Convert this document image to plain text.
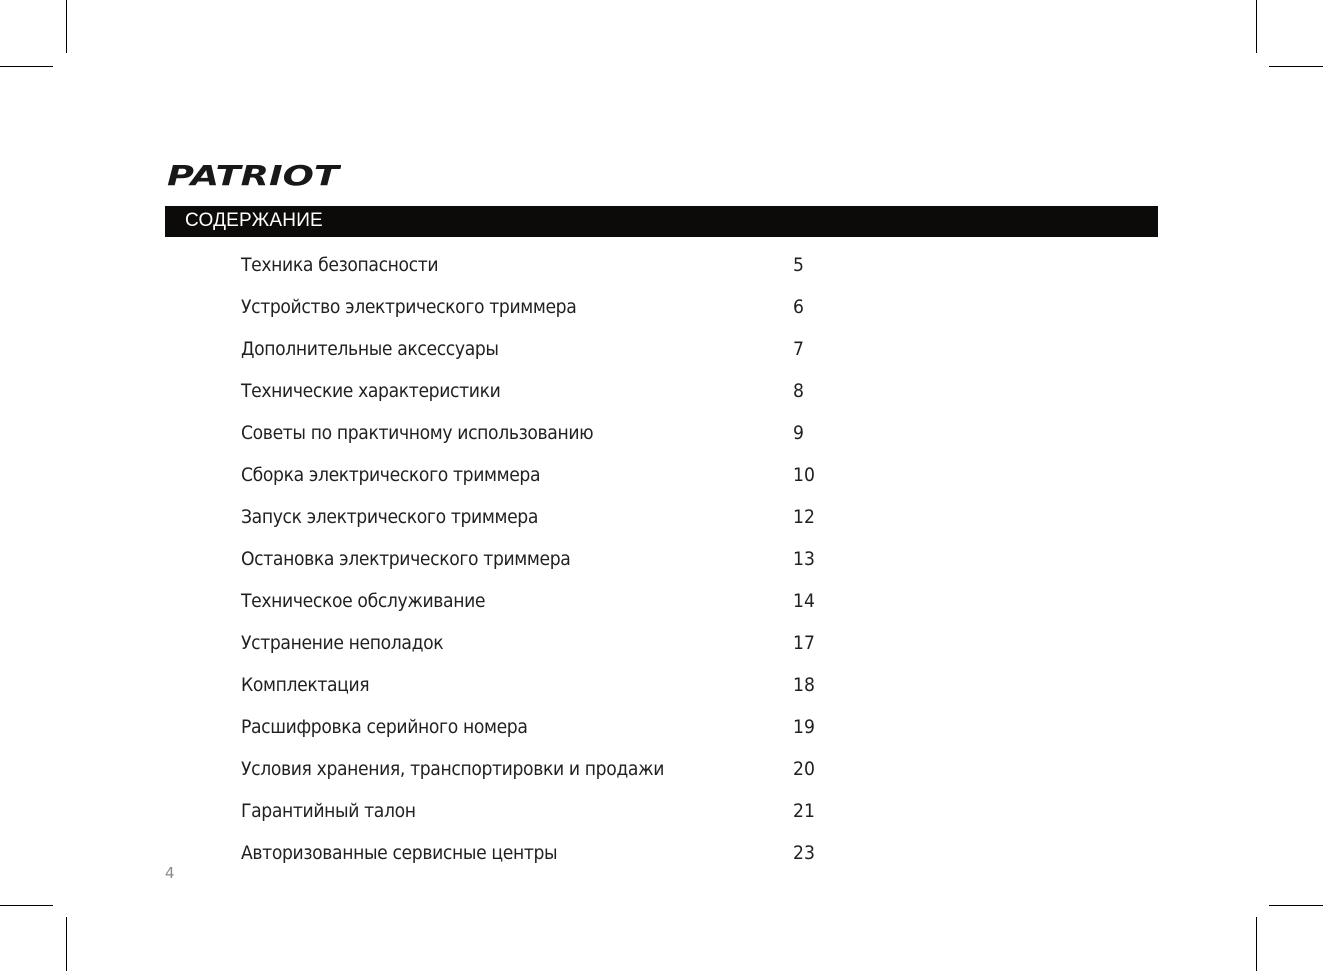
PATRIOT
СОДЕРЖАНИЕ
Техника безопасности	5
Устройство электрического триммера	6
Дополнительные аксессуары	7
Технические характеристики	8
Советы по практичному использованию	9
Сборка электрического триммера	10
Запуск электрического триммера	12
Остановка электрического триммера	13
Техническое обслуживание	14
Устранение неполадок	17
Комплектация	18
Расшифровка серийного номера	19
Условия хранения, транспортировки и продажи	20
Гарантийный талон	21
Авторизованные сервисные центры	23
4
